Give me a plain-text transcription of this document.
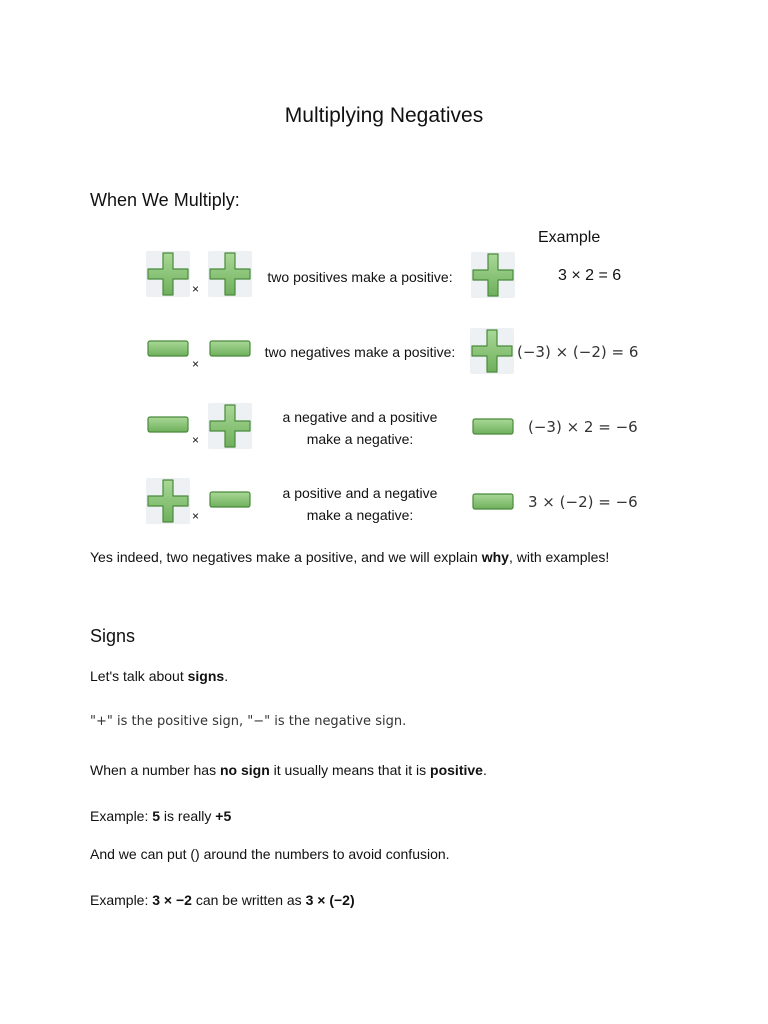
Multiplying Negatives
When We Multiply:
Example
×
two positives make a positive:	3 × 2 = 6
×
two negatives make a positive:	(−3) × (−2) = 6
×
a negative and a positive
make a negative:
(−3) × 2 = −6
×
a positive and a negative
make a negative:
3 × (−2) = −6
Yes indeed, two negatives make a positive, and we will explain why, with examples!
Signs
Let's talk about signs.
"+" is the positive sign, "−" is the negative sign.
When a number has no sign it usually means that it is positive.
Example: 5 is really +5
And we can put () around the numbers to avoid confusion.
Example: 3 × −2 can be written as 3 × (−2)
